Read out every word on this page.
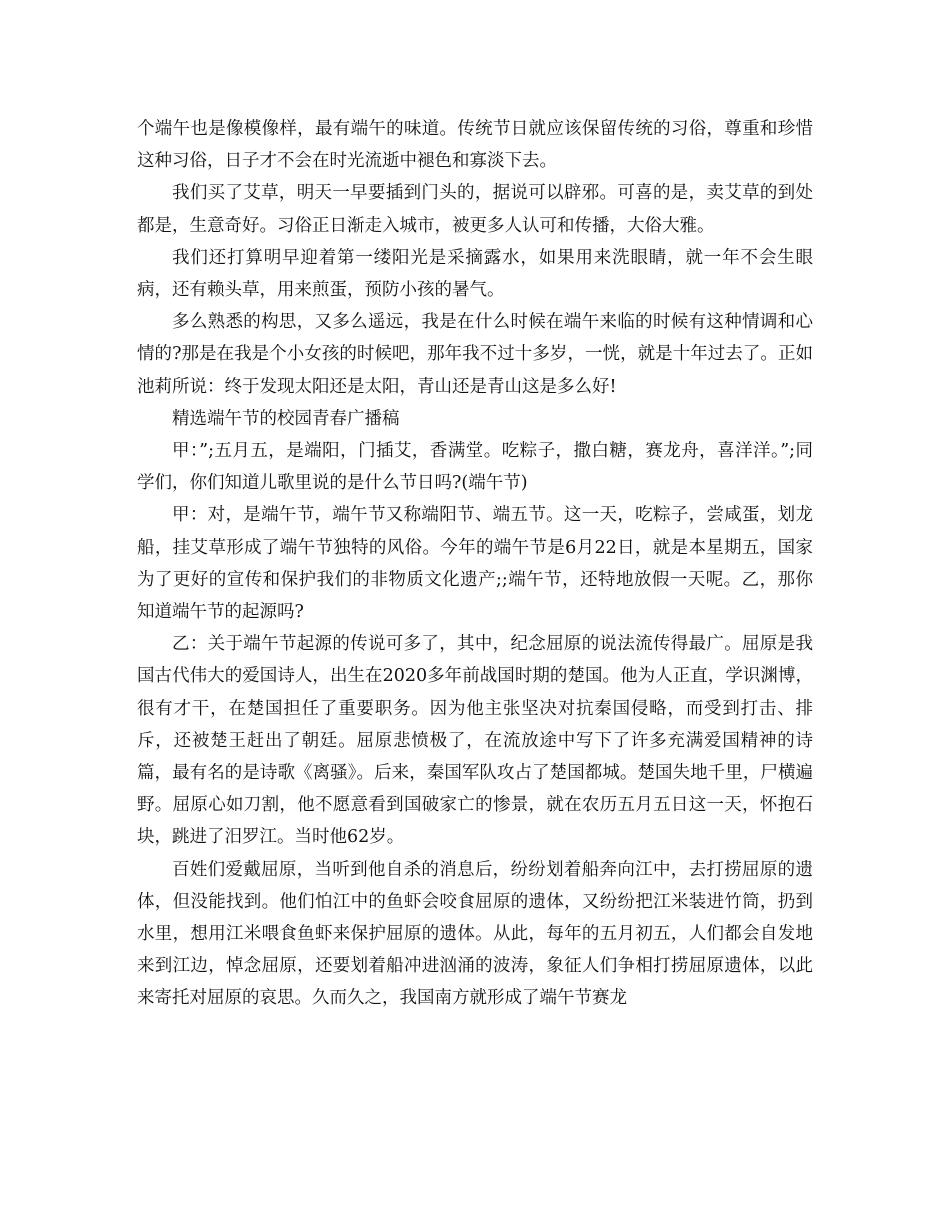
个端午也是像模像样，最有端午的味道。传统节日就应该保留传统的习俗，尊重和珍惜这种习俗，日子才不会在时光流逝中褪色和寡淡下去。

我们买了艾草，明天一早要插到门头的，据说可以辟邪。可喜的是，卖艾草的到处都是，生意奇好。习俗正日渐走入城市，被更多人认可和传播，大俗大雅。

我们还打算明早迎着第一缕阳光是采摘露水，如果用来洗眼睛，就一年不会生眼病，还有赖头草，用来煎蛋，预防小孩的暑气。

多么熟悉的构思，又多么遥远，我是在什么时候在端午来临的时候有这种情调和心情的?那是在我是个小女孩的时候吧，那年我不过十多岁，一恍，就是十年过去了。正如池莉所说：终于发现太阳还是太阳，青山还是青山这是多么好!

精选端午节的校园青春广播稿

甲：”;五月五，是端阳，门插艾，香满堂。吃粽子，撒白糖，赛龙舟，喜洋洋。”;同学们，你们知道儿歌里说的是什么节日吗?(端午节)

甲：对，是端午节，端午节又称端阳节、端五节。这一天，吃粽子，尝咸蛋，划龙船，挂艾草形成了端午节独特的风俗。今年的端午节是6月22日，就是本星期五，国家为了更好的宣传和保护我们的非物质文化遗产;;端午节，还特地放假一天呢。乙，那你知道端午节的起源吗?

乙：关于端午节起源的传说可多了，其中，纪念屈原的说法流传得最广。屈原是我国古代伟大的爱国诗人，出生在2020多年前战国时期的楚国。他为人正直，学识渊博，很有才干，在楚国担任了重要职务。因为他主张坚决对抗秦国侵略，而受到打击、排斥，还被楚王赶出了朝廷。屈原悲愤极了，在流放途中写下了许多充满爱国精神的诗篇，最有名的是诗歌《离骚》。后来，秦国军队攻占了楚国都城。楚国失地千里，尸横遍野。屈原心如刀割，他不愿意看到国破家亡的惨景，就在农历五月五日这一天，怀抱石块，跳进了汨罗江。当时他62岁。

百姓们爱戴屈原，当听到他自杀的消息后，纷纷划着船奔向江中，去打捞屈原的遗体，但没能找到。他们怕江中的鱼虾会咬食屈原的遗体，又纷纷把江米装进竹筒，扔到水里，想用江米喂食鱼虾来保护屈原的遗体。从此，每年的五月初五，人们都会自发地来到江边，悼念屈原，还要划着船冲进汹涌的波涛，象征人们争相打捞屈原遗体，以此来寄托对屈原的哀思。久而久之，我国南方就形成了端午节赛龙
